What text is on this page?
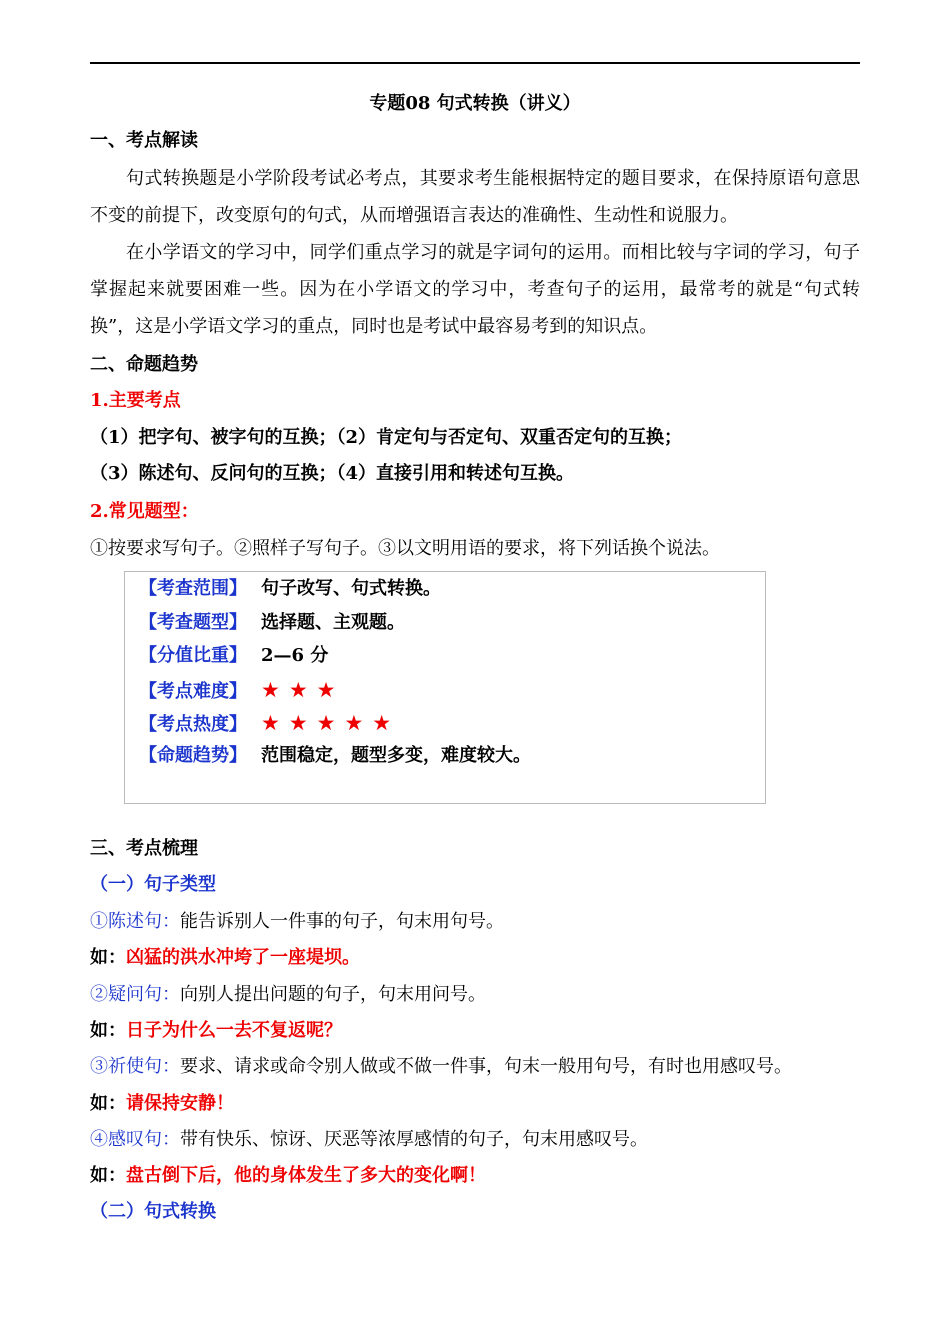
专题08 句式转换（讲义）
一、考点解读
句式转换题是小学阶段考试必考点，其要求考生能根据特定的题目要求，在保持原语句意思不变的前提下，改变原句的句式，从而增强语言表达的准确性、生动性和说服力。
在小学语文的学习中，同学们重点学习的就是字词句的运用。而相比较与字词的学习，句子掌握起来就要困难一些。因为在小学语文的学习中，考查句子的运用，最常考的就是“句式转换”，这是小学语文学习的重点，同时也是考试中最容易考到的知识点。
二、命题趋势
1.主要考点
（1）把字句、被字句的互换；（2）肯定句与否定句、双重否定句的互换；
（3）陈述句、反问句的互换；（4）直接引用和转述句互换。
2.常见题型：
①按要求写句子。②照样子写句子。③以文明用语的要求，将下列话换个说法。
【考查范围】 句子改写、句式转换。
【考查题型】 选择题、主观题。
【分值比重】 2—6 分
【考点难度】 ★★★
【考点热度】 ★★★★★
【命题趋势】 范围稳定，题型多变，难度较大。
三、考点梳理
（一）句子类型
①陈述句：能告诉别人一件事的句子，句末用句号。
如：凶猛的洪水冲垮了一座堤坝。
②疑问句：向别人提出问题的句子，句末用问号。
如：日子为什么一去不复返呢？
③祈使句：要求、请求或命令别人做或不做一件事，句末一般用句号，有时也用感叹号。
如：请保持安静！
④感叹句：带有快乐、惊讶、厌恶等浓厚感情的句子，句末用感叹号。
如：盘古倒下后，他的身体发生了多大的变化啊！
（二）句式转换
